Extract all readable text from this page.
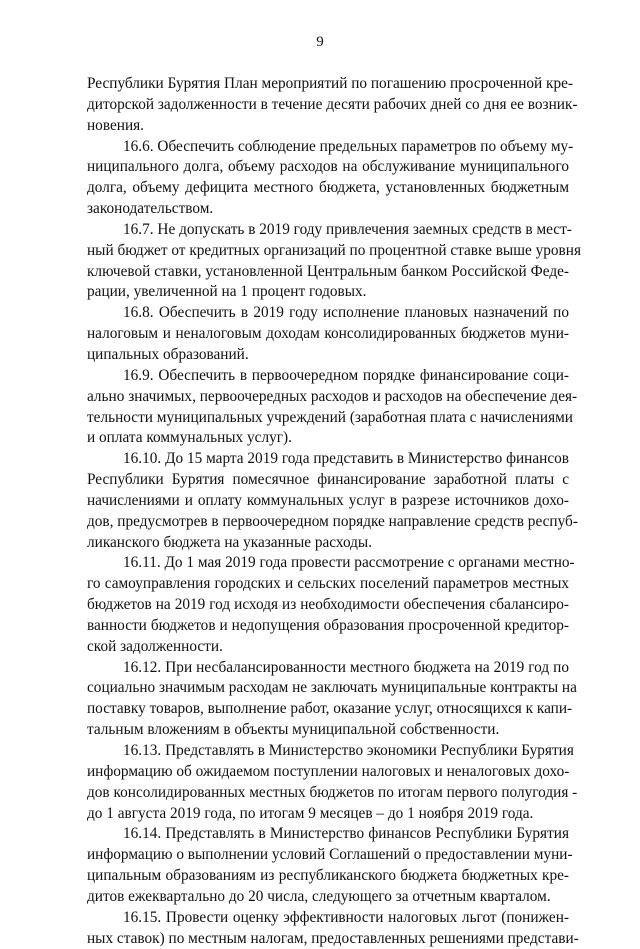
9
Республики Бурятия План мероприятий по погашению просроченной кре-
диторской задолженности в течение десяти рабочих дней со дня ее возник-
новения.
16.6. Обеспечить соблюдение предельных параметров по объему му-
ниципального долга, объему расходов на обслуживание муниципального
долга, объему дефицита местного бюджета, установленных бюджетным
законодательством.
16.7. Не допускать в 2019 году привлечения заемных средств в мест-
ный бюджет от кредитных организаций по процентной ставке выше уровня
ключевой ставки, установленной Центральным банком Российской Феде-
рации, увеличенной на 1 процент годовых.
16.8. Обеспечить в 2019 году исполнение плановых назначений по
налоговым и неналоговым доходам консолидированных бюджетов муни-
ципальных образований.
16.9. Обеспечить в первоочередном порядке финансирование соци-
ально значимых, первоочередных расходов и расходов на обеспечение дея-
тельности муниципальных учреждений (заработная плата с начислениями
и оплата коммунальных услуг).
16.10. До 15 марта 2019 года представить в Министерство финансов
Республики Бурятия помесячное финансирование заработной платы с
начислениями и оплату коммунальных услуг в разрезе источников дохо-
дов, предусмотрев в первоочередном порядке направление средств респуб-
ликанского бюджета на указанные расходы.
16.11. До 1 мая 2019 года провести рассмотрение с органами местно-
го самоуправления городских и сельских поселений параметров местных
бюджетов на 2019 год исходя из необходимости обеспечения сбалансиро-
ванности бюджетов и недопущения образования просроченной кредитор-
ской задолженности.
16.12. При несбалансированности местного бюджета на 2019 год по
социально значимым расходам не заключать муниципальные контракты на
поставку товаров, выполнение работ, оказание услуг, относящихся к капи-
тальным вложениям в объекты муниципальной собственности.
16.13. Представлять в Министерство экономики Республики Бурятия
информацию об ожидаемом поступлении налоговых и неналоговых дохо-
дов консолидированных местных бюджетов по итогам первого полугодия -
до 1 августа 2019 года, по итогам 9 месяцев – до 1 ноября 2019 года.
16.14. Представлять в Министерство финансов Республики Бурятия
информацию о выполнении условий Соглашений о предоставлении муни-
ципальным образованиям из республиканского бюджета бюджетных кре-
дитов ежеквартально до 20 числа, следующего за отчетным кварталом.
16.15. Провести оценку эффективности налоговых льгот (понижен-
ных ставок) по местным налогам, предоставленных решениями представи-
